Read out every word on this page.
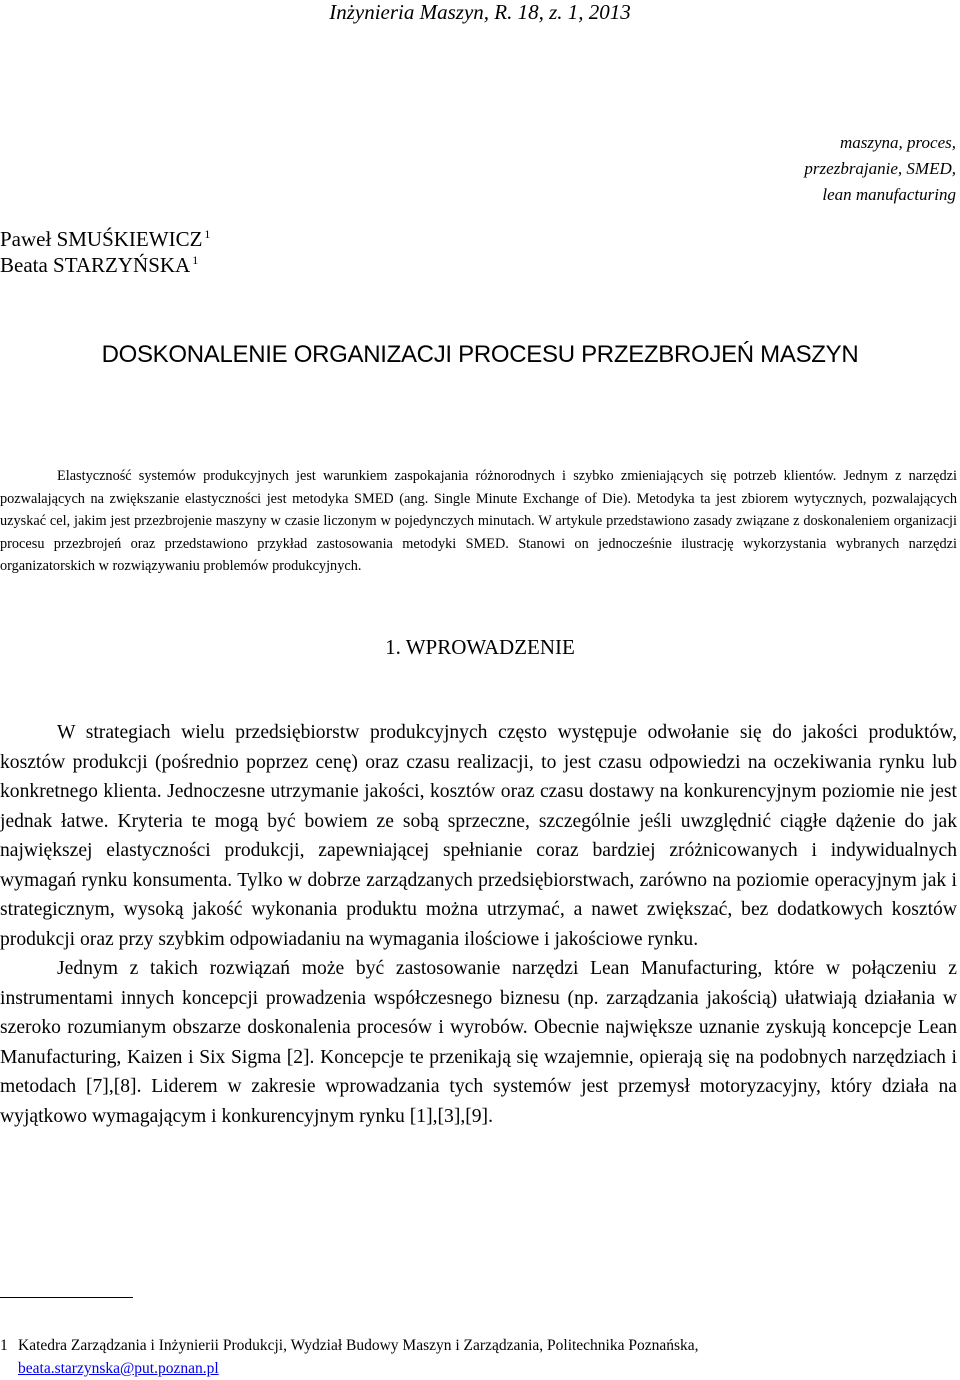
Inżynieria Maszyn, R. 18, z. 1, 2013
maszyna, proces,
przezbrajanie, SMED,
lean manufacturing
Paweł SMUŚKIEWICZ $^1$
Beata STARZYŃSKA $^1$
DOSKONALENIE ORGANIZACJI PROCESU PRZEZBROJEŃ MASZYN

Elastyczność systemów produkcyjnych jest warunkiem zaspokajania różnorodnych i szybko zmieniających się potrzeb klientów. Jednym z narzędzi pozwalających na zwiększanie elastyczności jest metodyka SMED (ang. Single Minute Exchange of Die). Metodyka ta jest zbiorem wytycznych, pozwalających uzyskać cel, jakim jest przezbrojenie maszyny w czasie liczonym w pojedynczych minutach. W artykule przedstawiono zasady związane z doskonaleniem organizacji procesu przezbrojeń oraz przedstawiono przykład zastosowania metodyki SMED. Stanowi on jednocześnie ilustrację wykorzystania wybranych narzędzi organizatorskich w rozwiązywaniu problemów produkcyjnych.

1. WPROWADZENIE

W strategiach wielu przedsiębiorstw produkcyjnych często występuje odwołanie się do jakości produktów, kosztów produkcji (pośrednio poprzez cenę) oraz czasu realizacji, to jest czasu odpowiedzi na oczekiwania rynku lub konkretnego klienta. Jednoczesne utrzymanie jakości, kosztów oraz czasu dostawy na konkurencyjnym poziomie nie jest jednak łatwe. Kryteria te mogą być bowiem ze sobą sprzeczne, szczególnie jeśli uwzględnić ciągłe dążenie do jak największej elastyczności produkcji, zapewniającej spełnianie coraz bardziej zróżnicowanych i indywidualnych wymagań rynku konsumenta. Tylko w dobrze zarządzanych przedsiębiorstwach, zarówno na poziomie operacyjnym jak i strategicznym, wysoką jakość wykonania produktu można utrzymać, a nawet zwiększać, bez dodatkowych kosztów produkcji oraz przy szybkim odpowiadaniu na wymagania ilościowe i jakościowe rynku.

Jednym z takich rozwiązań może być zastosowanie narzędzi Lean Manufacturing, które w połączeniu z instrumentami innych koncepcji prowadzenia współczesnego biznesu (np. zarządzania jakością) ułatwiają działania w szeroko rozumianym obszarze doskonalenia procesów i wyrobów. Obecnie największe uznanie zyskują koncepcje Lean Manufacturing, Kaizen i Six Sigma [2]. Koncepcje te przenikają się wzajemnie, opierają się na podobnych narzędziach i metodach [7],[8]. Liderem w zakresie wprowadzania tych systemów jest przemysł motoryzacyjny, który działa na wyjątkowo wymagającym i konkurencyjnym rynku [1],[3],[9].

1 Katedra Zarządzania i Inżynierii Produkcji, Wydział Budowy Maszyn i Zarządzania, Politechnika Poznańska,
beata.starzynska@put.poznan.pl
